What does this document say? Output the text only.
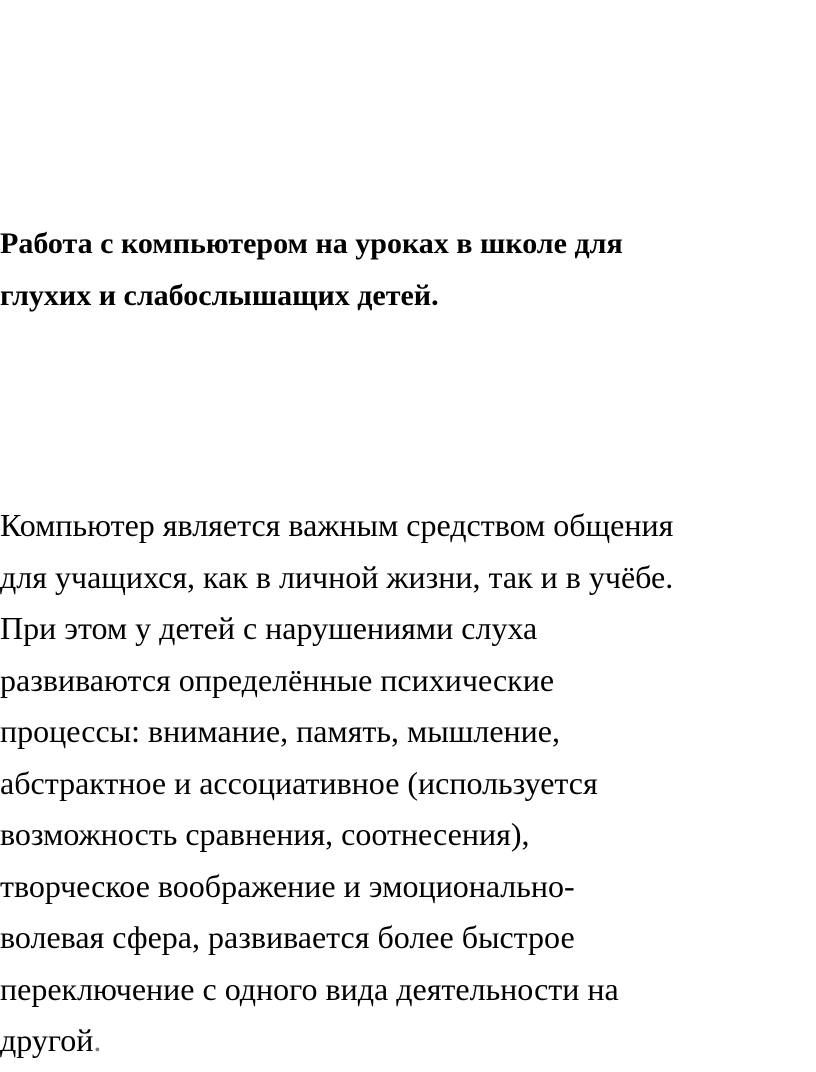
Работа с компьютером на уроках в школе для
глухих и слабослышащих детей.

Компьютер является важным средством общения
для учащихся, как в личной жизни, так и в учёбе.
При этом у детей с нарушениями слуха
развиваются определённые психические
процессы: внимание, память, мышление,
абстрактное и ассоциативное (используется
возможность сравнения, соотнесения),
творческое воображение и эмоционально-
волевая сфера, развивается более быстрое
переключение с одного вида деятельности на
другой.
